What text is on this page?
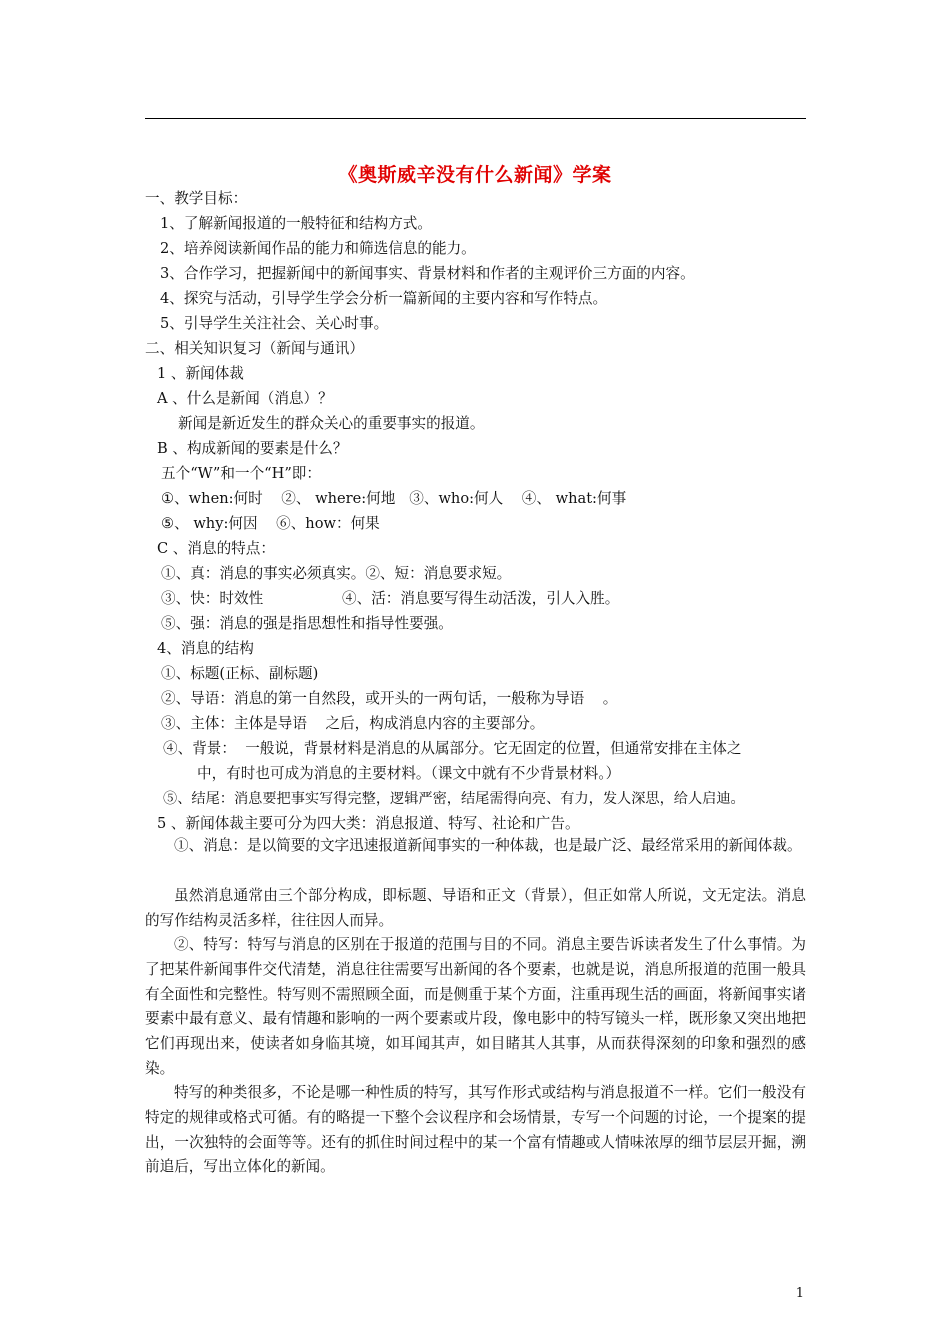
《奥斯威辛没有什么新闻》学案
一、教学目标：
1、了解新闻报道的一般特征和结构方式。
2、培养阅读新闻作品的能力和筛选信息的能力。
3、合作学习，把握新闻中的新闻事实、背景材料和作者的主观评价三方面的内容。
4、探究与活动，引导学生学会分析一篇新闻的主要内容和写作特点。
5、引导学生关注社会、关心时事。
二、相关知识复习（新闻与通讯）
1 、新闻体裁
A 、什么是新闻（消息）？
新闻是新近发生的群众关心的重要事实的报道。
B 、构成新闻的要素是什么？
五个“W”和一个“H”即：
①、when:何时    ②、 where:何地   ③、who:何人    ④、 what:何事
⑤、 why:何因    ⑥、how：何果
C 、消息的特点：
①、真：消息的事实必须真实。②、短：消息要求短。
③、快：时效性                 ④、活：消息要写得生动活泼，引人入胜。
⑤、强：消息的强是指思想性和指导性要强。
4、消息的结构
①、标题(正标、副标题)
②、导语：消息的第一自然段，或开头的一两句话，一般称为导语    。
③、主体：主体是导语    之后，构成消息内容的主要部分。
④、背景：  一般说，背景材料是消息的从属部分。它无固定的位置，但通常安排在主体之
中，有时也可成为消息的主要材料。（课文中就有不少背景材料。）
⑤、结尾：消息要把事实写得完整，逻辑严密，结尾需得向亮、有力，发人深思，给人启迪。
5 、新闻体裁主要可分为四大类：消息报道、特写、社论和广告。
①、消息：是以简要的文字迅速报道新闻事实的一种体裁，也是最广泛、最经常采用的新闻体裁。
虽然消息通常由三个部分构成，即标题、导语和正文（背景），但正如常人所说，文无定法。消息的写作结构灵活多样，往往因人而异。
②、特写：特写与消息的区别在于报道的范围与目的不同。消息主要告诉读者发生了什么事情。为了把某件新闻事件交代清楚，消息往往需要写出新闻的各个要素，也就是说，消息所报道的范围一般具有全面性和完整性。特写则不需照顾全面，而是侧重于某个方面，注重再现生活的画面，将新闻事实诸要素中最有意义、最有情趣和影响的一两个要素或片段，像电影中的特写镜头一样，既形象又突出地把它们再现出来，使读者如身临其境，如耳闻其声，如目睹其人其事，从而获得深刻的印象和强烈的感染。
特写的种类很多，不论是哪一种性质的特写，其写作形式或结构与消息报道不一样。它们一般没有特定的规律或格式可循。有的略提一下整个会议程序和会场情景，专写一个问题的讨论，一个提案的提出，一次独特的会面等等。还有的抓住时间过程中的某一个富有情趣或人情味浓厚的细节层层开掘，溯前追后，写出立体化的新闻。
1
